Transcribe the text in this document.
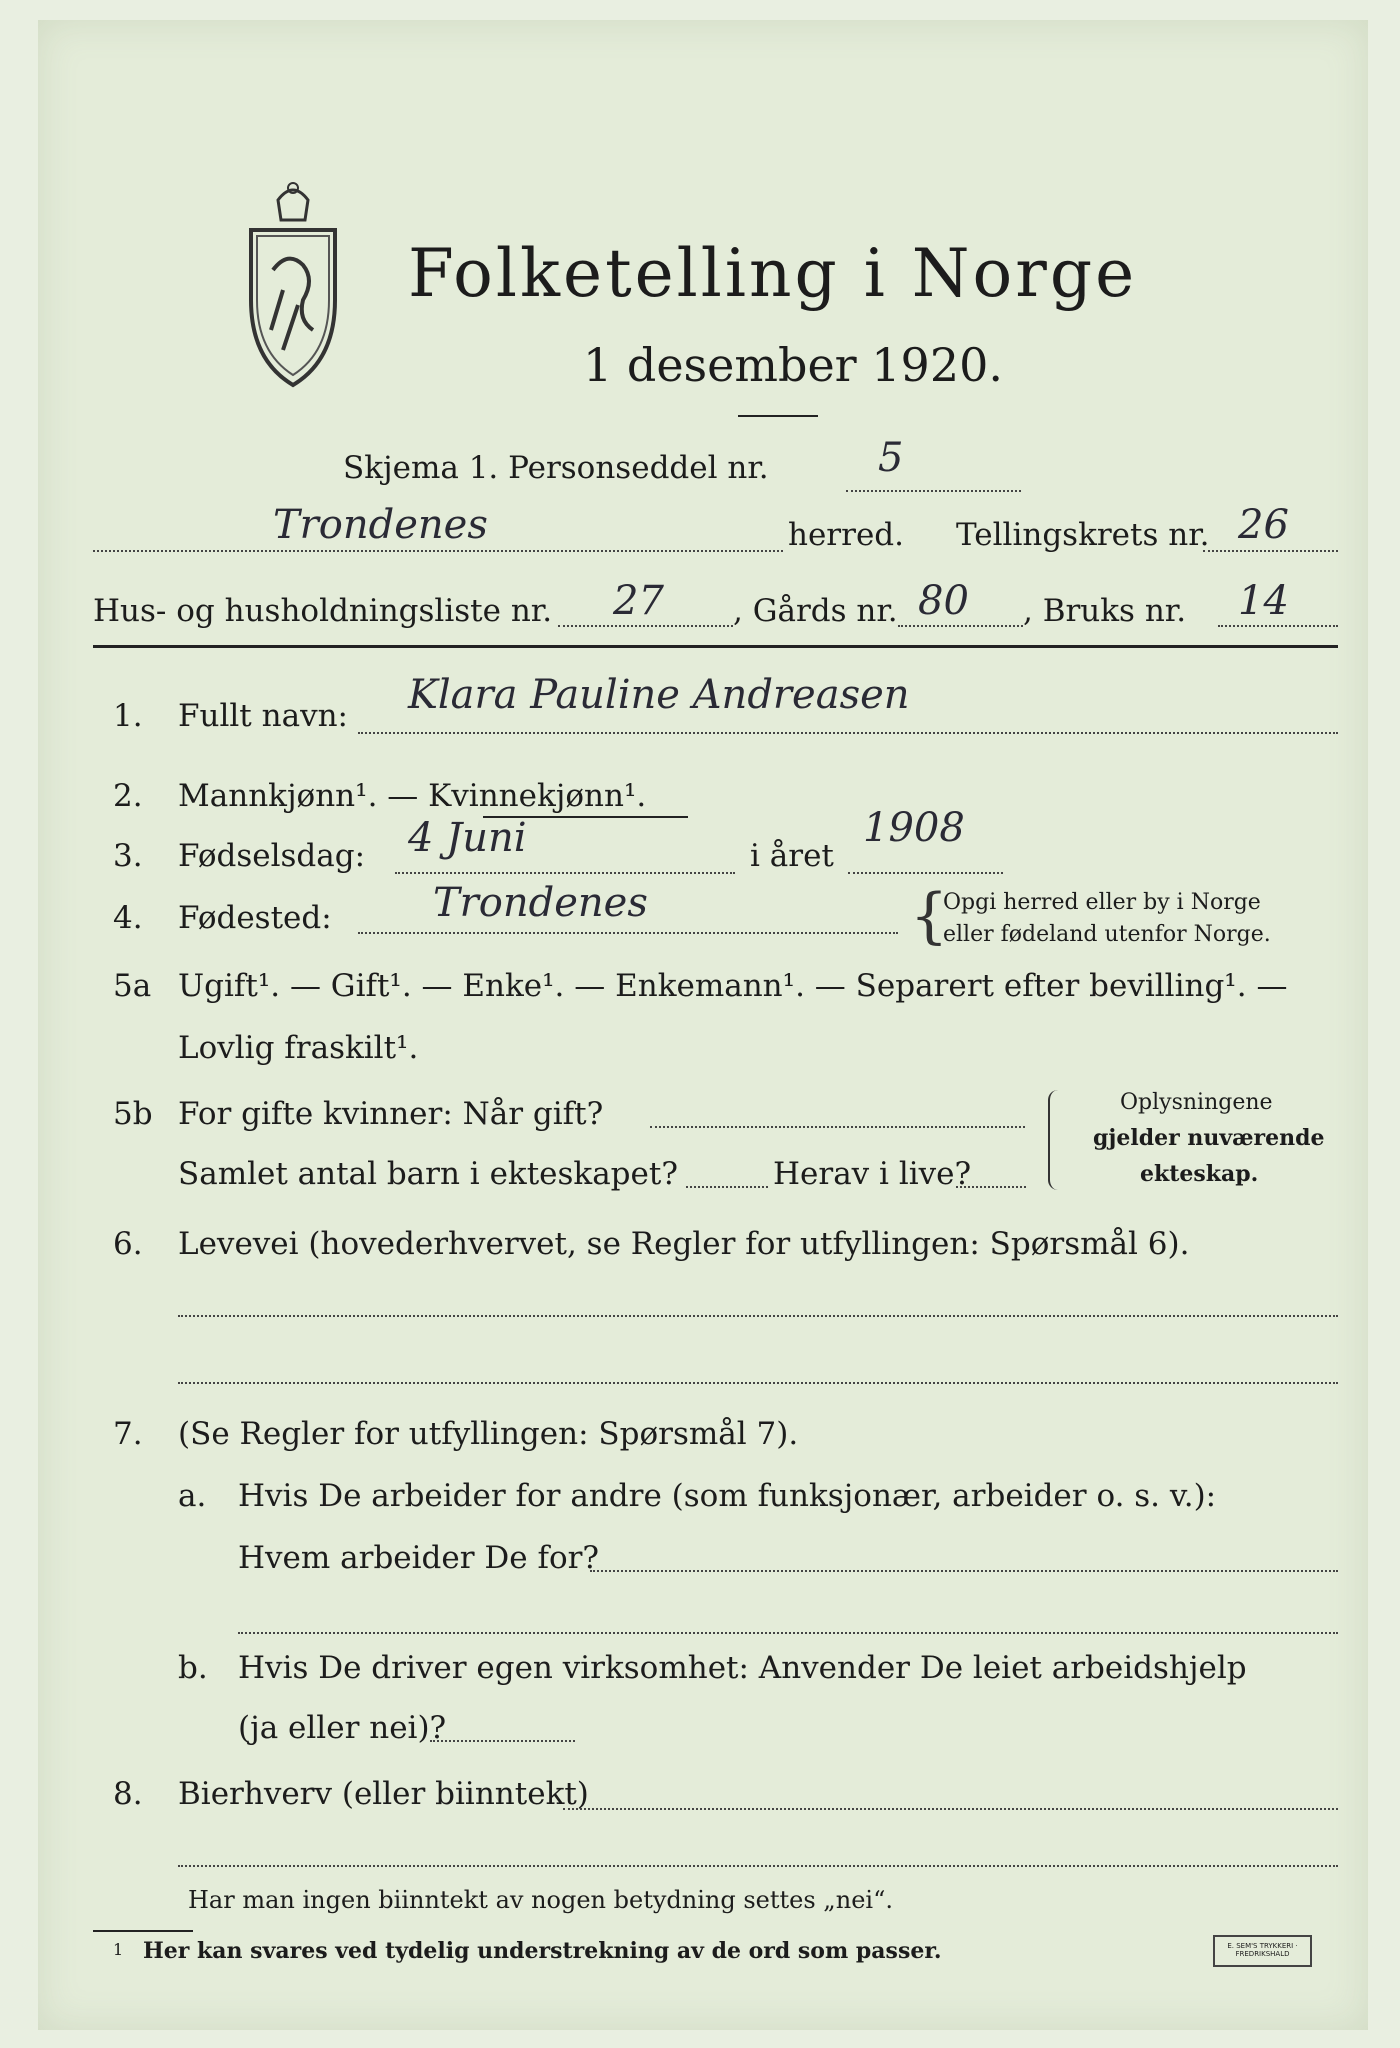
Folketelling i Norge
1 desember 1920.
Skjema 1. Personseddel nr.	5
Trondenes	herred. Tellingskrets nr. 26
Hus- og husholdningsliste nr. 27 , Gårds nr. 80 , Bruks nr. 14
1. Fullt navn: Klara Pauline Andreasen
2. Mannkjønn¹. — Kvinnekjønn¹.
3. Fødselsdag: 4 Juni	i året
1908
4. Fødested:	Trondenes	{
Opgi herred eller by i Norge
eller fødeland utenfor Norge.
5a Ugift¹. — Gift¹. — Enke¹. — Enkemann¹. — Separert efter bevilling¹. —
Lovlig fraskilt¹.
5b For gifte kvinner: Når gift?
Samlet antal barn i ekteskapet?	Herav i live?
Oplysningene
gjelder nuværende
ekteskap.
6. Levevei (hovederhvervet, se Regler for utfyllingen: Spørsmål 6).
7. (Se Regler for utfyllingen: Spørsmål 7).
a. Hvis De arbeider for andre (som funksjonær, arbeider o. s. v.):
Hvem arbeider De for?
b. Hvis De driver egen virksomhet: Anvender De leiet arbeidshjelp
(ja eller nei)?
8. Bierhverv (eller biinntekt)
Har man ingen biinntekt av nogen betydning settes „nei“.
1 Her kan svares ved tydelig understrekning av de ord som passer.	E. SEM'S TRYKKERI · FREDRIKSHALD
